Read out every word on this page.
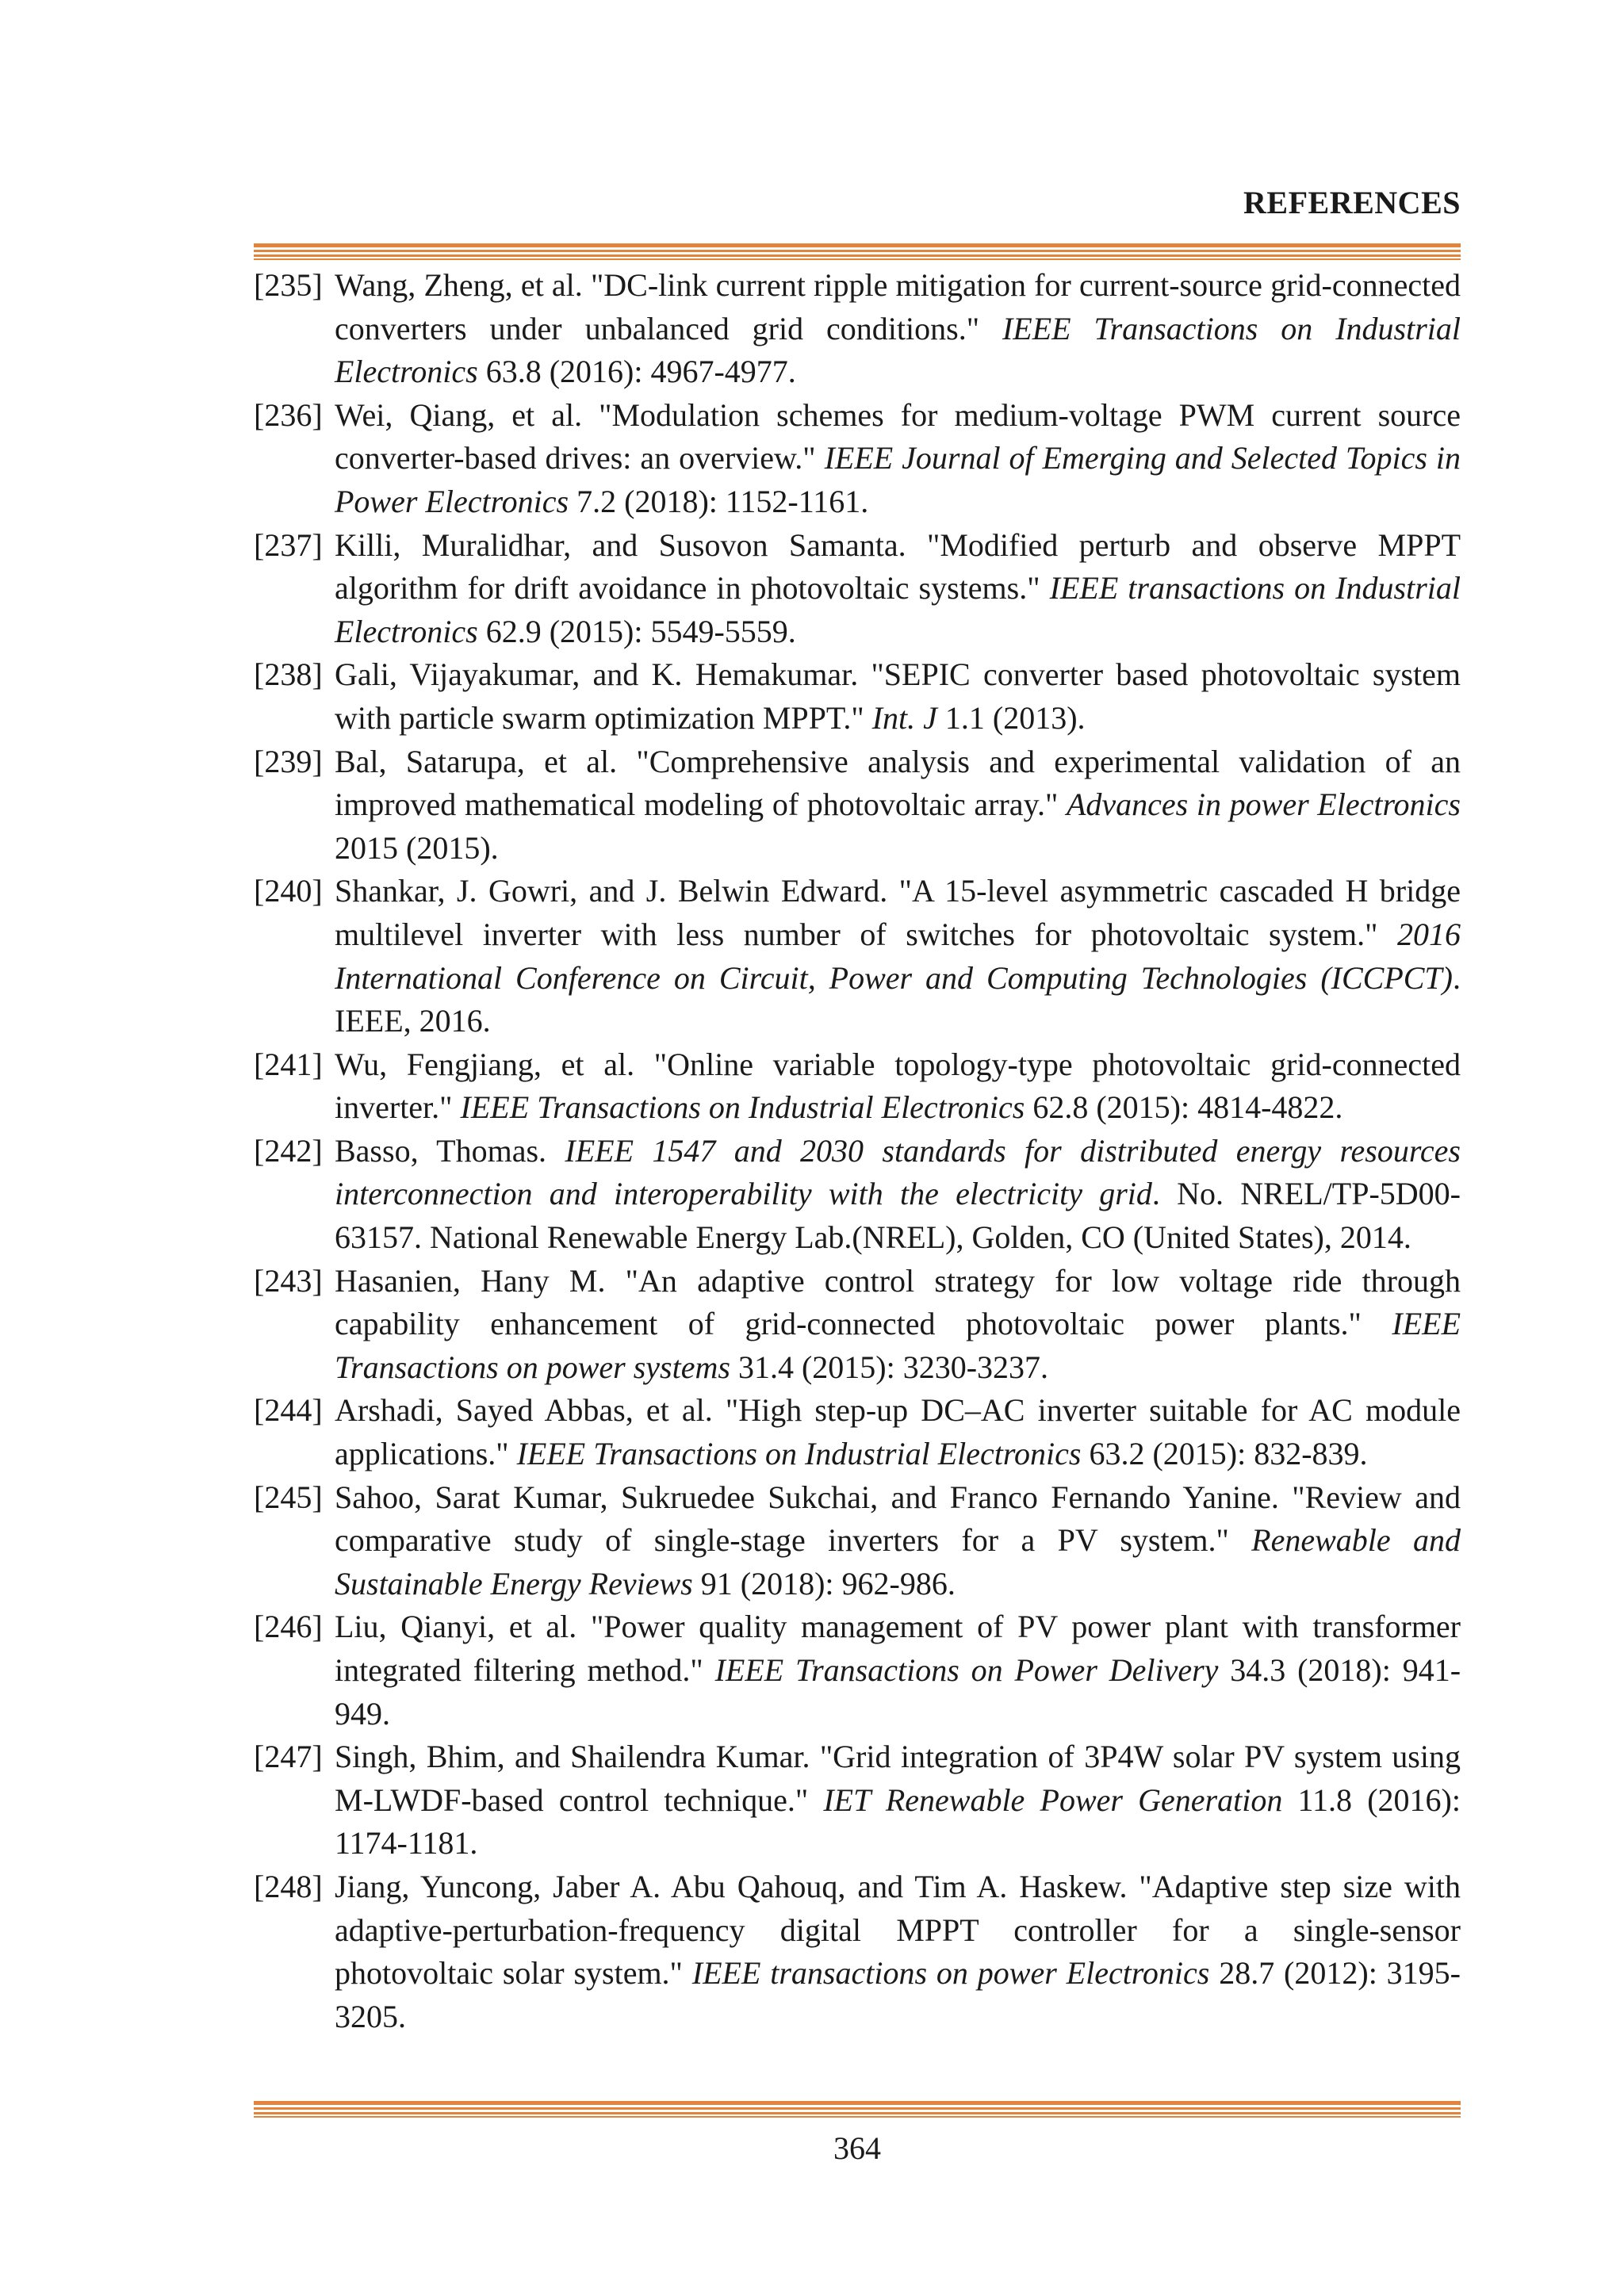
REFERENCES
[235] Wang, Zheng, et al. "DC-link current ripple mitigation for current-source grid-connected converters under unbalanced grid conditions." IEEE Transactions on Industrial Electronics 63.8 (2016): 4967-4977.
[236] Wei, Qiang, et al. "Modulation schemes for medium-voltage PWM current source converter-based drives: an overview." IEEE Journal of Emerging and Selected Topics in Power Electronics 7.2 (2018): 1152-1161.
[237] Killi, Muralidhar, and Susovon Samanta. "Modified perturb and observe MPPT algorithm for drift avoidance in photovoltaic systems." IEEE transactions on Industrial Electronics 62.9 (2015): 5549-5559.
[238] Gali, Vijayakumar, and K. Hemakumar. "SEPIC converter based photovoltaic system with particle swarm optimization MPPT." Int. J 1.1 (2013).
[239] Bal, Satarupa, et al. "Comprehensive analysis and experimental validation of an improved mathematical modeling of photovoltaic array." Advances in power Electronics 2015 (2015).
[240] Shankar, J. Gowri, and J. Belwin Edward. "A 15-level asymmetric cascaded H bridge multilevel inverter with less number of switches for photovoltaic system." 2016 International Conference on Circuit, Power and Computing Technologies (ICCPCT). IEEE, 2016.
[241] Wu, Fengjiang, et al. "Online variable topology-type photovoltaic grid-connected inverter." IEEE Transactions on Industrial Electronics 62.8 (2015): 4814-4822.
[242] Basso, Thomas. IEEE 1547 and 2030 standards for distributed energy resources interconnection and interoperability with the electricity grid. No. NREL/TP-5D00-63157. National Renewable Energy Lab.(NREL), Golden, CO (United States), 2014.
[243] Hasanien, Hany M. "An adaptive control strategy for low voltage ride through capability enhancement of grid-connected photovoltaic power plants." IEEE Transactions on power systems 31.4 (2015): 3230-3237.
[244] Arshadi, Sayed Abbas, et al. "High step-up DC–AC inverter suitable for AC module applications." IEEE Transactions on Industrial Electronics 63.2 (2015): 832-839.
[245] Sahoo, Sarat Kumar, Sukruedee Sukchai, and Franco Fernando Yanine. "Review and comparative study of single-stage inverters for a PV system." Renewable and Sustainable Energy Reviews 91 (2018): 962-986.
[246] Liu, Qianyi, et al. "Power quality management of PV power plant with transformer integrated filtering method." IEEE Transactions on Power Delivery 34.3 (2018): 941-949.
[247] Singh, Bhim, and Shailendra Kumar. "Grid integration of 3P4W solar PV system using M-LWDF-based control technique." IET Renewable Power Generation 11.8 (2016): 1174-1181.
[248] Jiang, Yuncong, Jaber A. Abu Qahouq, and Tim A. Haskew. "Adaptive step size with adaptive-perturbation-frequency digital MPPT controller for a single-sensor photovoltaic solar system." IEEE transactions on power Electronics 28.7 (2012): 3195-3205.
364
